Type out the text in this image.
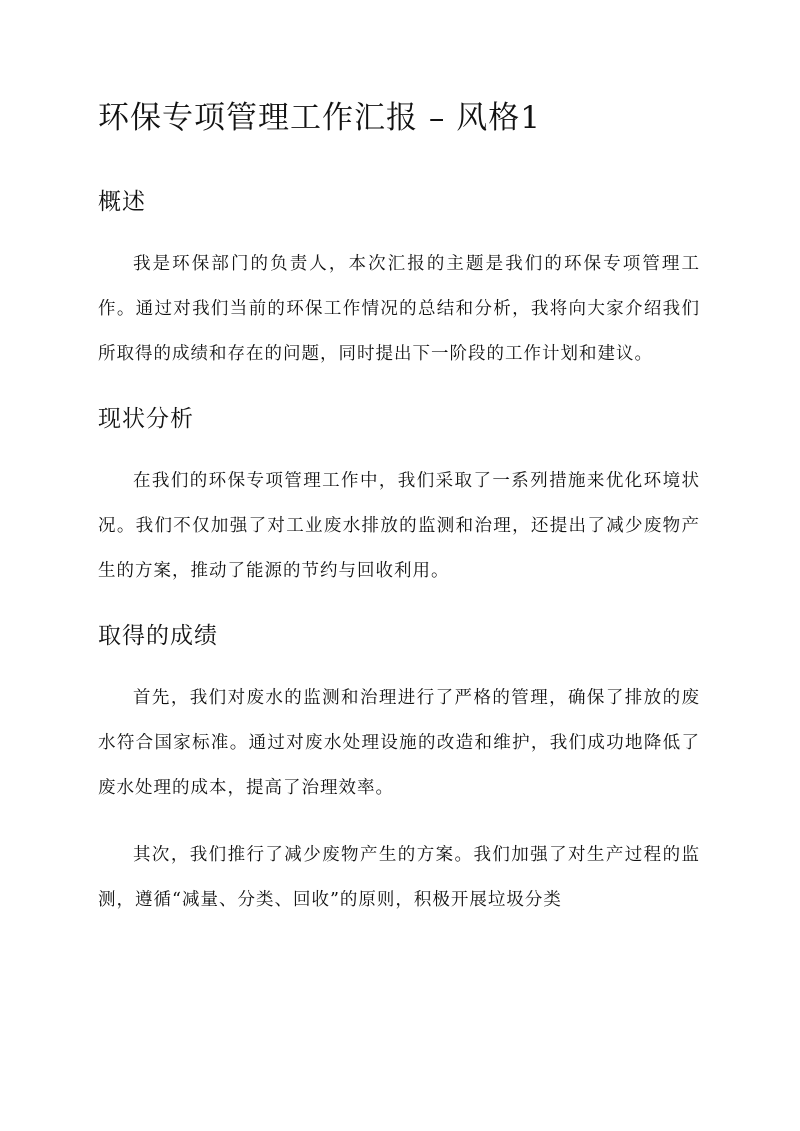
环保专项管理工作汇报 – 风格1
概述

我是环保部门的负责人，本次汇报的主题是我们的环保专项管理工作。通过对我们当前的环保工作情况的总结和分析，我将向大家介绍我们所取得的成绩和存在的问题，同时提出下一阶段的工作计划和建议。

现状分析

在我们的环保专项管理工作中，我们采取了一系列措施来优化环境状况。我们不仅加强了对工业废水排放的监测和治理，还提出了减少废物产生的方案，推动了能源的节约与回收利用。

取得的成绩

首先，我们对废水的监测和治理进行了严格的管理，确保了排放的废水符合国家标准。通过对废水处理设施的改造和维护，我们成功地降低了废水处理的成本，提高了治理效率。

其次，我们推行了减少废物产生的方案。我们加强了对生产过程的监测，遵循“减量、分类、回收”的原则，积极开展垃圾分类
